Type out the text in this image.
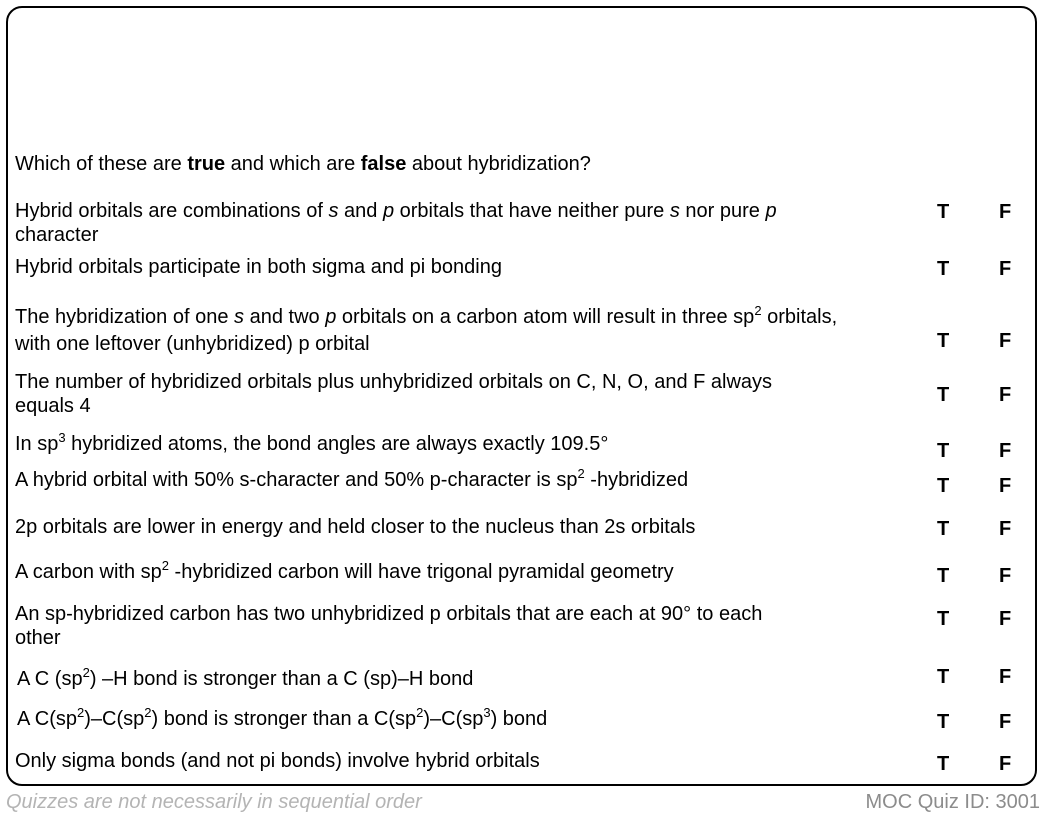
Which of these are true and which are false about hybridization?
Hybrid orbitals are combinations of s and p orbitals that have neither pure s nor pure p
character
T F
Hybrid orbitals participate in both sigma and pi bonding	T F
The hybridization of one s and two p orbitals on a carbon atom will result in three $sp^2$ orbitals,
with one leftover (unhybridized) p orbital	T F
The number of hybridized orbitals plus unhybridized orbitals on C, N, O, and F always
equals 4	T F
In $sp^3$ hybridized atoms, the bond angles are always exactly 109.5°	T F
A hybrid orbital with 50% s-character and 50% p-character is $sp^2$ -hybridized	T F
2p orbitals are lower in energy and held closer to the nucleus than 2s orbitals	T F
A carbon with $sp^2$ -hybridized carbon will have trigonal pyramidal geometry	T F
An sp-hybridized carbon has two unhybridized p orbitals that are each at 90° to each
other
T F
A C $(sp^2)$ –H bond is stronger than a C (sp)–H bond	T F
A $C(sp^2)-C(sp^2)$ bond is stronger than a $C(sp^2)-C(sp^3)$ bond	T F
Only sigma bonds (and not pi bonds) involve hybrid orbitals	T F
Quizzes are not necessarily in sequential order	MOC Quiz ID: 3001
